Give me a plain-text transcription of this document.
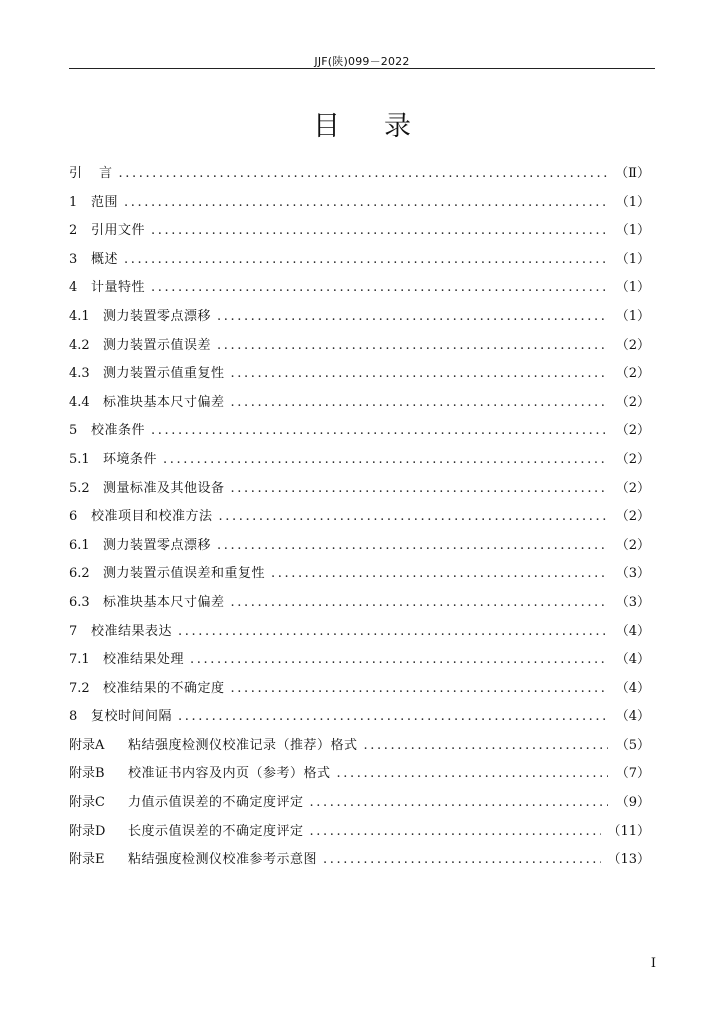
JJF(陕)099－2022
目录
引	言 .....	（Ⅱ）
1	范围 .....	（1）
2	引用文件 .....	（1）
3	概述 .....	（1）
4	计量特性 .....	（1）
4.1	测力装置零点漂移 .....	（1）
4.2	测力装置示值误差 .....	（2）
4.3	测力装置示值重复性 .....	（2）
4.4	标准块基本尺寸偏差 .....	（2）
5	校准条件 .....	（2）
5.1	环境条件 .....	（2）
5.2	测量标准及其他设备 .....	（2）
6	校准项目和校准方法 .....	（2）
6.1	测力装置零点漂移 .....	（2）
6.2	测力装置示值误差和重复性 .....	（3）
6.3	标准块基本尺寸偏差 .....	（3）
7	校准结果表达 .....	（4）
7.1	校准结果处理 .....	（4）
7.2	校准结果的不确定度 .....	（4）
8	复校时间间隔 .....	（4）
附录A	粘结强度检测仪校准记录（推荐）格式 .....	（5）
附录B	校准证书内容及内页（参考）格式 .....	（7）
附录C	力值示值误差的不确定度评定 .....	（9）
附录D	长度示值误差的不确定度评定 .....	（11）
附录E	粘结强度检测仪校准参考示意图 .....	（13）
I
